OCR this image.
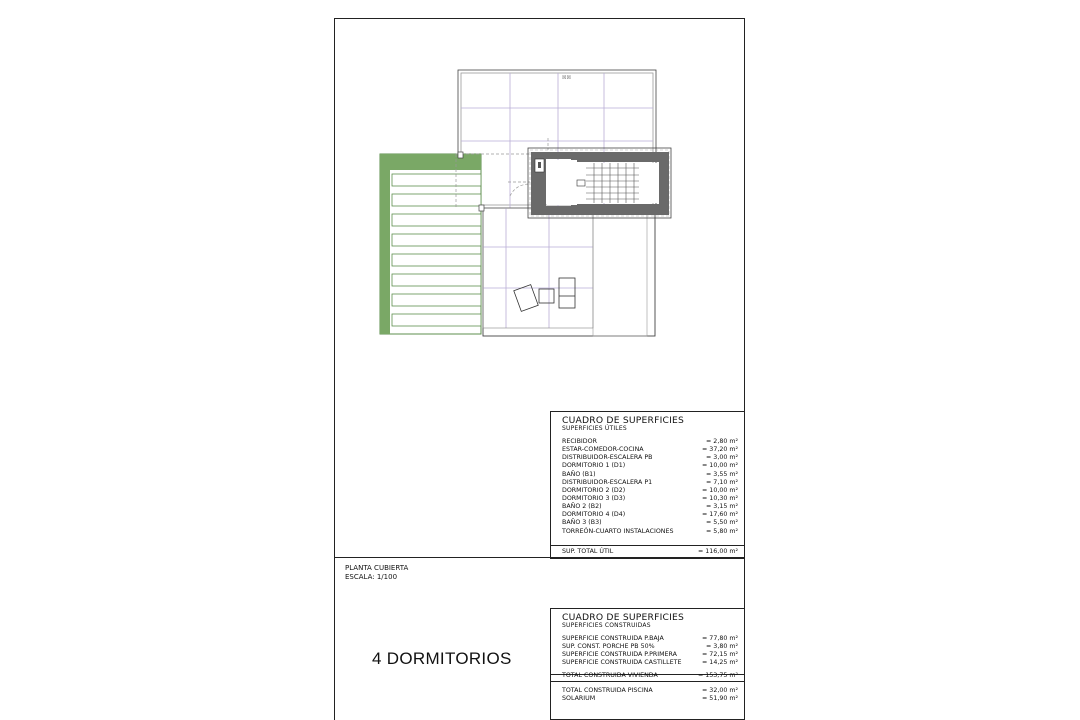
☒☒
CUADRO DE SUPERFICIES
SUPERFICIES ÚTILES
RECIBIDOR	= 2,80 m²
ESTAR-COMEDOR-COCINA	= 37,20 m²
DISTRIBUIDOR-ESCALERA PB	= 3,00 m²
DORMITORIO 1 (D1)	= 10,00 m²
BAÑO (B1)	= 3,55 m²
DISTRIBUIDOR-ESCALERA P1	= 7,10 m²
DORMITORIO 2 (D2)	= 10,00 m²
DORMITORIO 3 (D3)	= 10,30 m²
BAÑO 2 (B2)	= 3,15 m²
DORMITORIO 4 (D4)	= 17,60 m²
BAÑO 3 (B3)	= 5,50 m²
TORREÓN-CUARTO INSTALACIONES	= 5,80 m²
SUP. TOTAL ÚTIL	= 116,00 m²
PLANTA CUBIERTA
ESCALA: 1/100
4 DORMITORIOS
CUADRO DE SUPERFICIES
SUPERFICIES CONSTRUIDAS
SUPERFICIE CONSTRUIDA P.BAJA	= 77,80 m²
SUP. CONST. PORCHE PB 50%	= 3,80 m²
SUPERFICIE CONSTRUIDA P.PRIMERA	= 72,15 m²
SUPERFICIE CONSTRUIDA CASTILLETE	= 14,25 m²
TOTAL CONSTRUIDA VIVIENDA	= 153,75 m²
TOTAL CONSTRUIDA PISCINA	= 32,00 m²
SOLARIUM	= 51,90 m²
